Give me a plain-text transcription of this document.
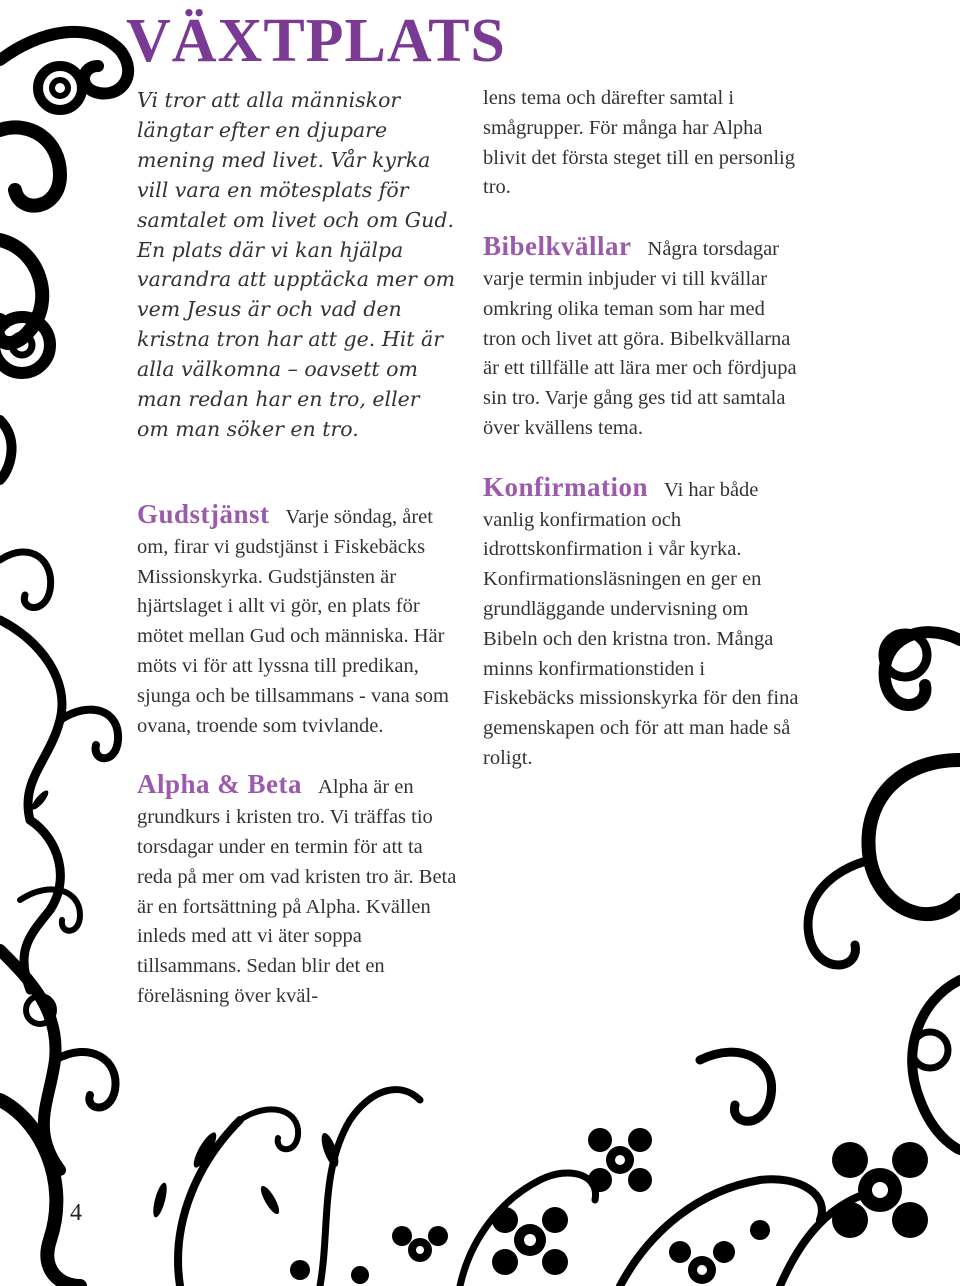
VÄXTPLATS

Vi tror att alla människor längtar efter en djupare mening med livet. Vår kyrka vill vara en mötesplats för samtalet om livet och om Gud. En plats där vi kan hjälpa varandra att upptäcka mer om vem Jesus är och vad den kristna tron har att ge. Hit är alla välkomna – oavsett om man redan har en tro, eller om man söker en tro.

Gudstjänst Varje söndag, året om, firar vi gudstjänst i Fiskebäcks Missionskyrka. Gudstjänsten är hjärtslaget i allt vi gör, en plats för mötet mellan Gud och människa. Här möts vi för att lyssna till predikan, sjunga och be tillsammans - vana som ovana, troende som tvivlande.

Alpha & Beta Alpha är en grundkurs i kristen tro. Vi träffas tio torsdagar under en termin för att ta reda på mer om vad kristen tro är. Beta är en fortsättning på Alpha. Kvällen inleds med att vi äter soppa tillsammans. Sedan blir det en föreläsning över kväl-

lens tema och därefter samtal i smågrupper. För många har Alpha blivit det första steget till en personlig tro.

Bibelkvällar Några torsdagar varje termin inbjuder vi till kvällar omkring olika teman som har med tron och livet att göra. Bibelkvällarna är ett tillfälle att lära mer och fördjupa sin tro. Varje gång ges tid att samtala över kvällens tema.

Konfirmation Vi har både vanlig konfirmation och idrottskonfirmation i vår kyrka. Konfirmationsläsningen en ger en grundläggande undervisning om Bibeln och den kristna tron. Många minns konfirmationstiden i Fiskebäcks missionskyrka för den fina gemenskapen och för att man hade så roligt.

4
